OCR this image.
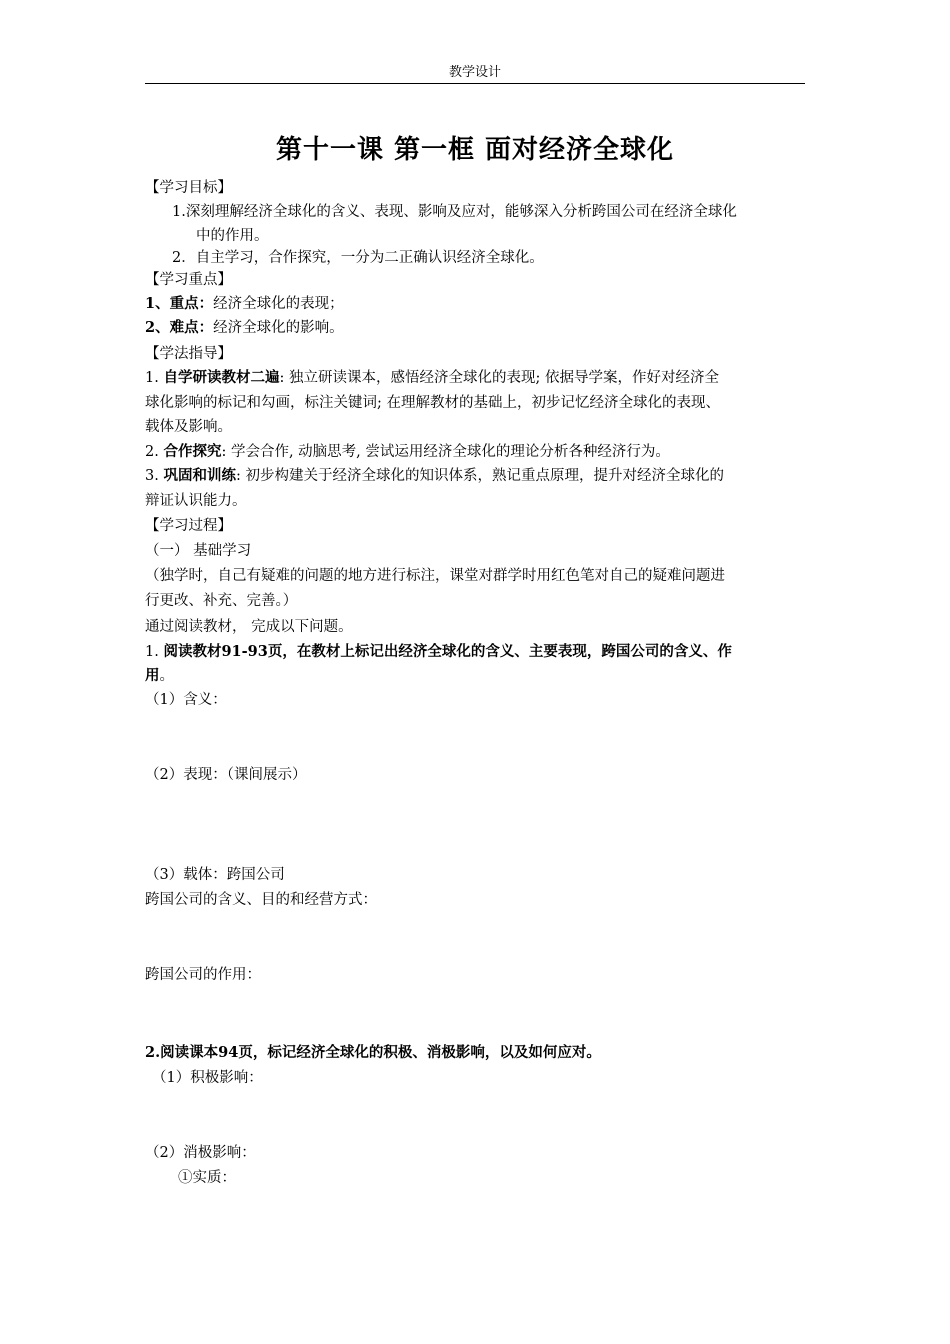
教学设计
第十一课 第一框 面对经济全球化
【学习目标】
1.深刻理解经济全球化的含义、表现、影响及应对，能够深入分析跨国公司在经济全球化
中的作用。
2．自主学习，合作探究，一分为二正确认识经济全球化。
【学习重点】
1、重点：经济全球化的表现；
2、难点：经济全球化的影响。
【学法指导】
1. 自学研读教材二遍: 独立研读课本，感悟经济全球化的表现; 依据导学案，作好对经济全
球化影响的标记和勾画，标注关键词; 在理解教材的基础上，初步记忆经济全球化的表现、
载体及影响。
2. 合作探究: 学会合作, 动脑思考, 尝试运用经济全球化的理论分析各种经济行为。
3. 巩固和训练: 初步构建关于经济全球化的知识体系，熟记重点原理，提升对经济全球化的
辩证认识能力。
【学习过程】
（一） 基础学习
（独学时，自己有疑难的问题的地方进行标注，课堂对群学时用红色笔对自己的疑难问题进
行更改、补充、完善。）
通过阅读教材， 完成以下问题。
1. 阅读教材91-93页，在教材上标记出经济全球化的含义、主要表现，跨国公司的含义、作
用。
（1）含义：
（2）表现：（课间展示）
（3）载体：跨国公司
跨国公司的含义、目的和经营方式：
跨国公司的作用：
2.阅读课本94页，标记经济全球化的积极、消极影响，以及如何应对。
（1）积极影响：
（2）消极影响：
①实质：
